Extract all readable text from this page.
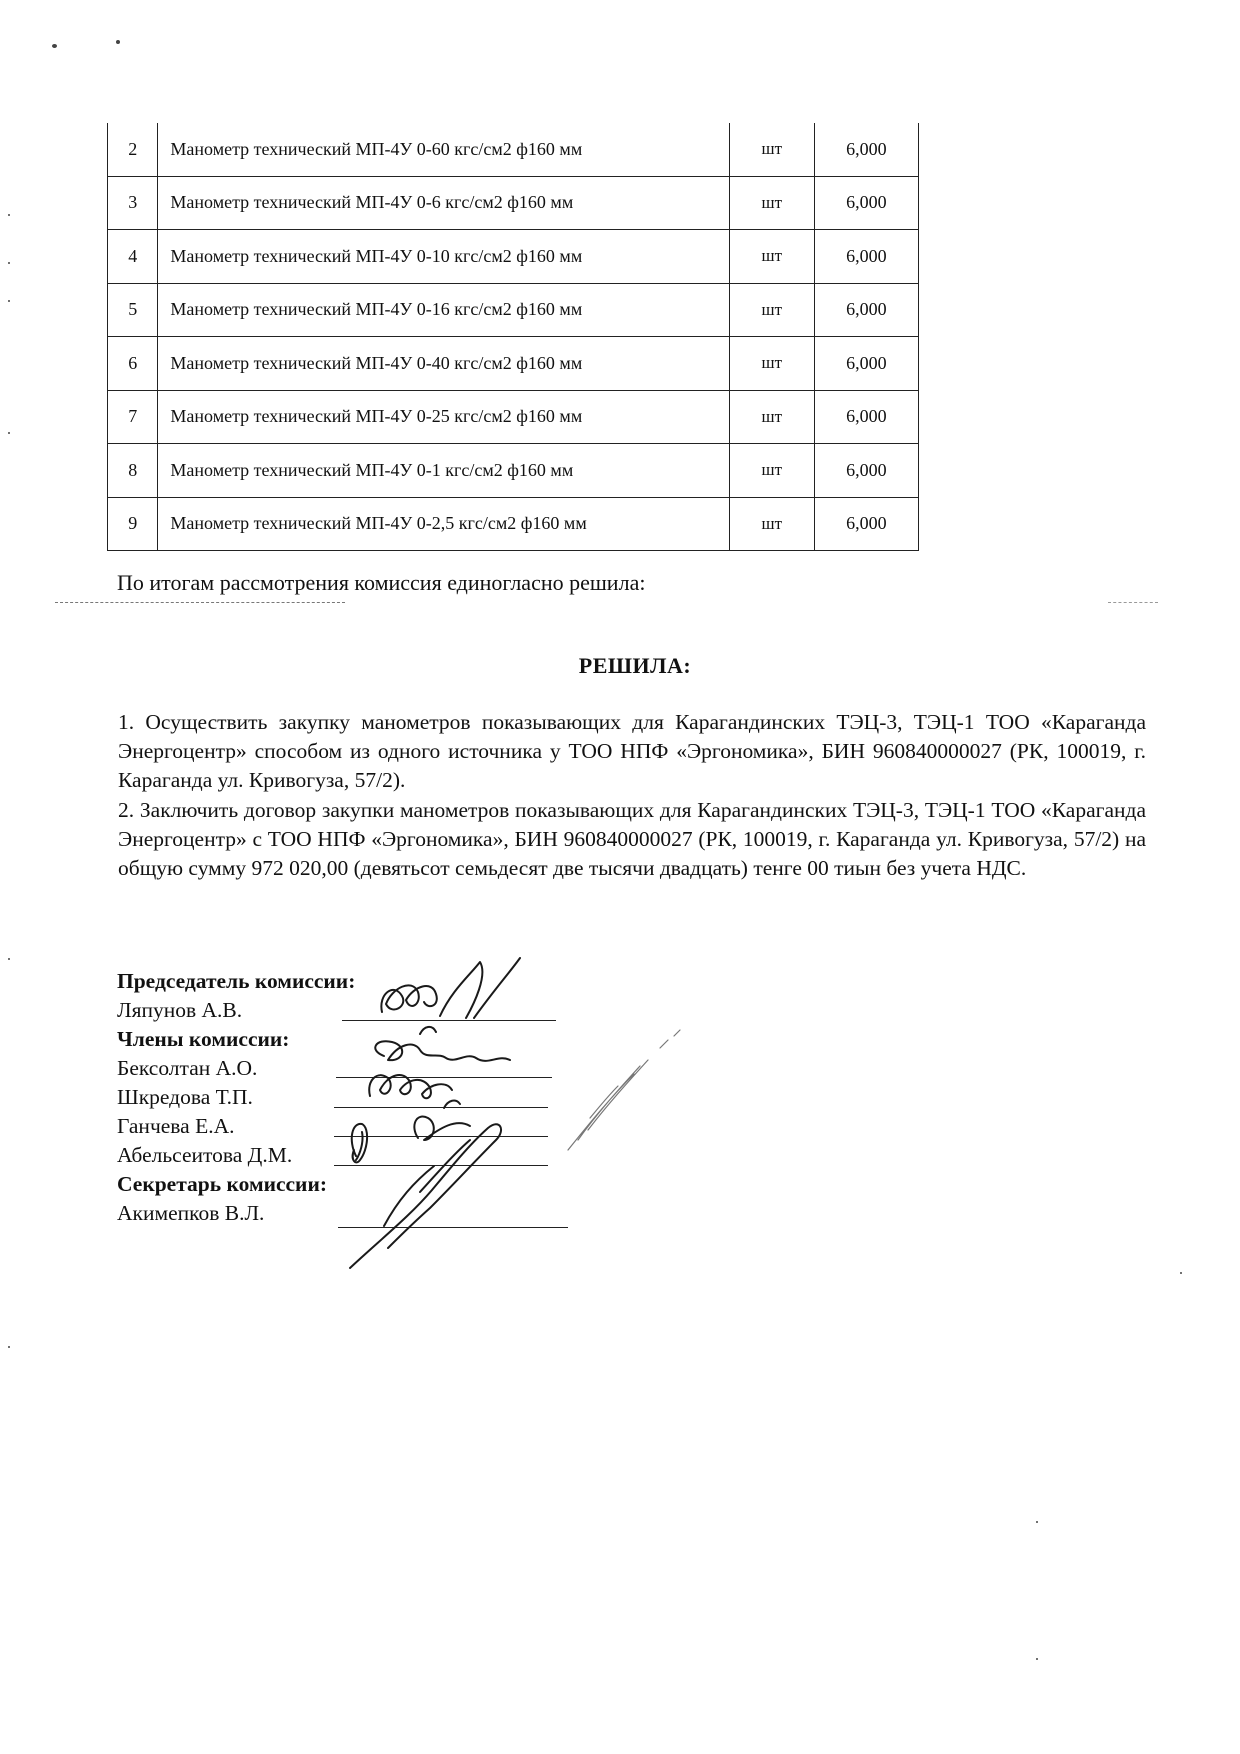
2	Манометр технический МП-4У 0-60 кгс/см2 ф160 мм	шт	6,000
3	Манометр технический МП-4У 0-6 кгс/см2 ф160 мм	шт	6,000
4	Манометр технический МП-4У 0-10 кгс/см2 ф160 мм	шт	6,000
5	Манометр технический МП-4У 0-16 кгс/см2 ф160 мм	шт	6,000
6	Манометр технический МП-4У 0-40 кгс/см2 ф160 мм	шт	6,000
7	Манометр технический МП-4У 0-25 кгс/см2 ф160 мм	шт	6,000
8	Манометр технический МП-4У 0-1 кгс/см2 ф160 мм	шт	6,000
9	Манометр технический МП-4У 0-2,5 кгс/см2 ф160 мм	шт	6,000
По итогам рассмотрения комиссия единогласно решила:
РЕШИЛА:

1. Осуществить закупку манометров показывающих для Карагандинских ТЭЦ-3, ТЭЦ-1 ТОО «Караганда Энергоцентр» способом из одного источника у ТОО НПФ «Эргономика», БИН 960840000027 (РК, 100019, г. Караганда ул. Кривогуза, 57/2).

2. Заключить договор закупки манометров показывающих для Карагандинских ТЭЦ-3, ТЭЦ-1 ТОО «Караганда Энергоцентр» с ТОО НПФ «Эргономика», БИН 960840000027 (РК, 100019, г. Караганда ул. Кривогуза, 57/2) на общую сумму 972 020,00 (девятьсот семьдесят две тысячи двадцать) тенге 00 тиын без учета НДС.

Председатель комиссии:
Ляпунов А.В.
Члены комиссии:
Бексолтан А.О.
Шкредова Т.П.
Ганчева Е.А.
Абельсеитова Д.М.
Секретарь комиссии:
Акимепков В.Л.
